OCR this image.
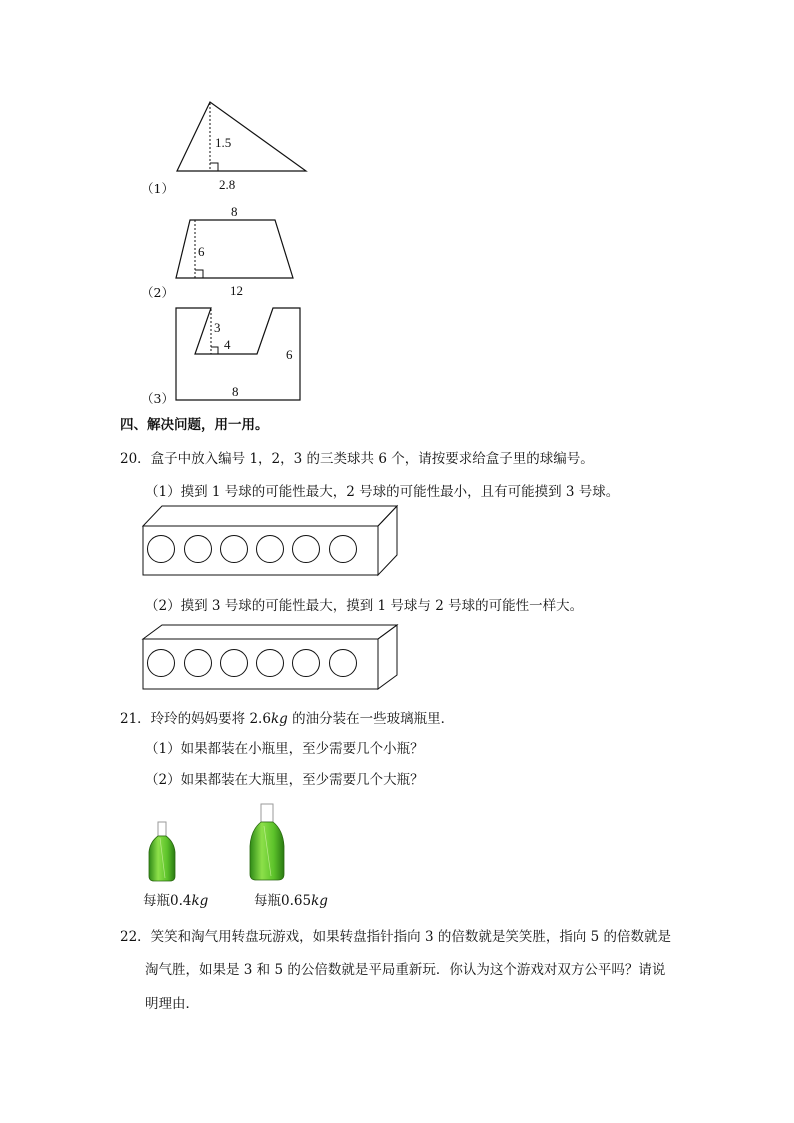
1.5
2.8
8
6
12
3
4
6
8
（1）
（2）
（3）
四、解决问题，用一用。
20．盒子中放入编号 1，2，3 的三类球共 6 个，请按要求给盒子里的球编号。
（1）摸到 1 号球的可能性最大，2 号球的可能性最小，且有可能摸到 3 号球。
（2）摸到 3 号球的可能性最大，摸到 1 号球与 2 号球的可能性一样大。
21．玲玲的妈妈要将 2.6kg 的油分装在一些玻璃瓶里．
（1）如果都装在小瓶里，至少需要几个小瓶？
（2）如果都装在大瓶里，至少需要几个大瓶？
每瓶0.4kg	每瓶0.65kg
22．笑笑和淘气用转盘玩游戏，如果转盘指针指向 3 的倍数就是笑笑胜，指向 5 的倍数就是
淘气胜，如果是 3 和 5 的公倍数就是平局重新玩．你认为这个游戏对双方公平吗？请说
明理由．
